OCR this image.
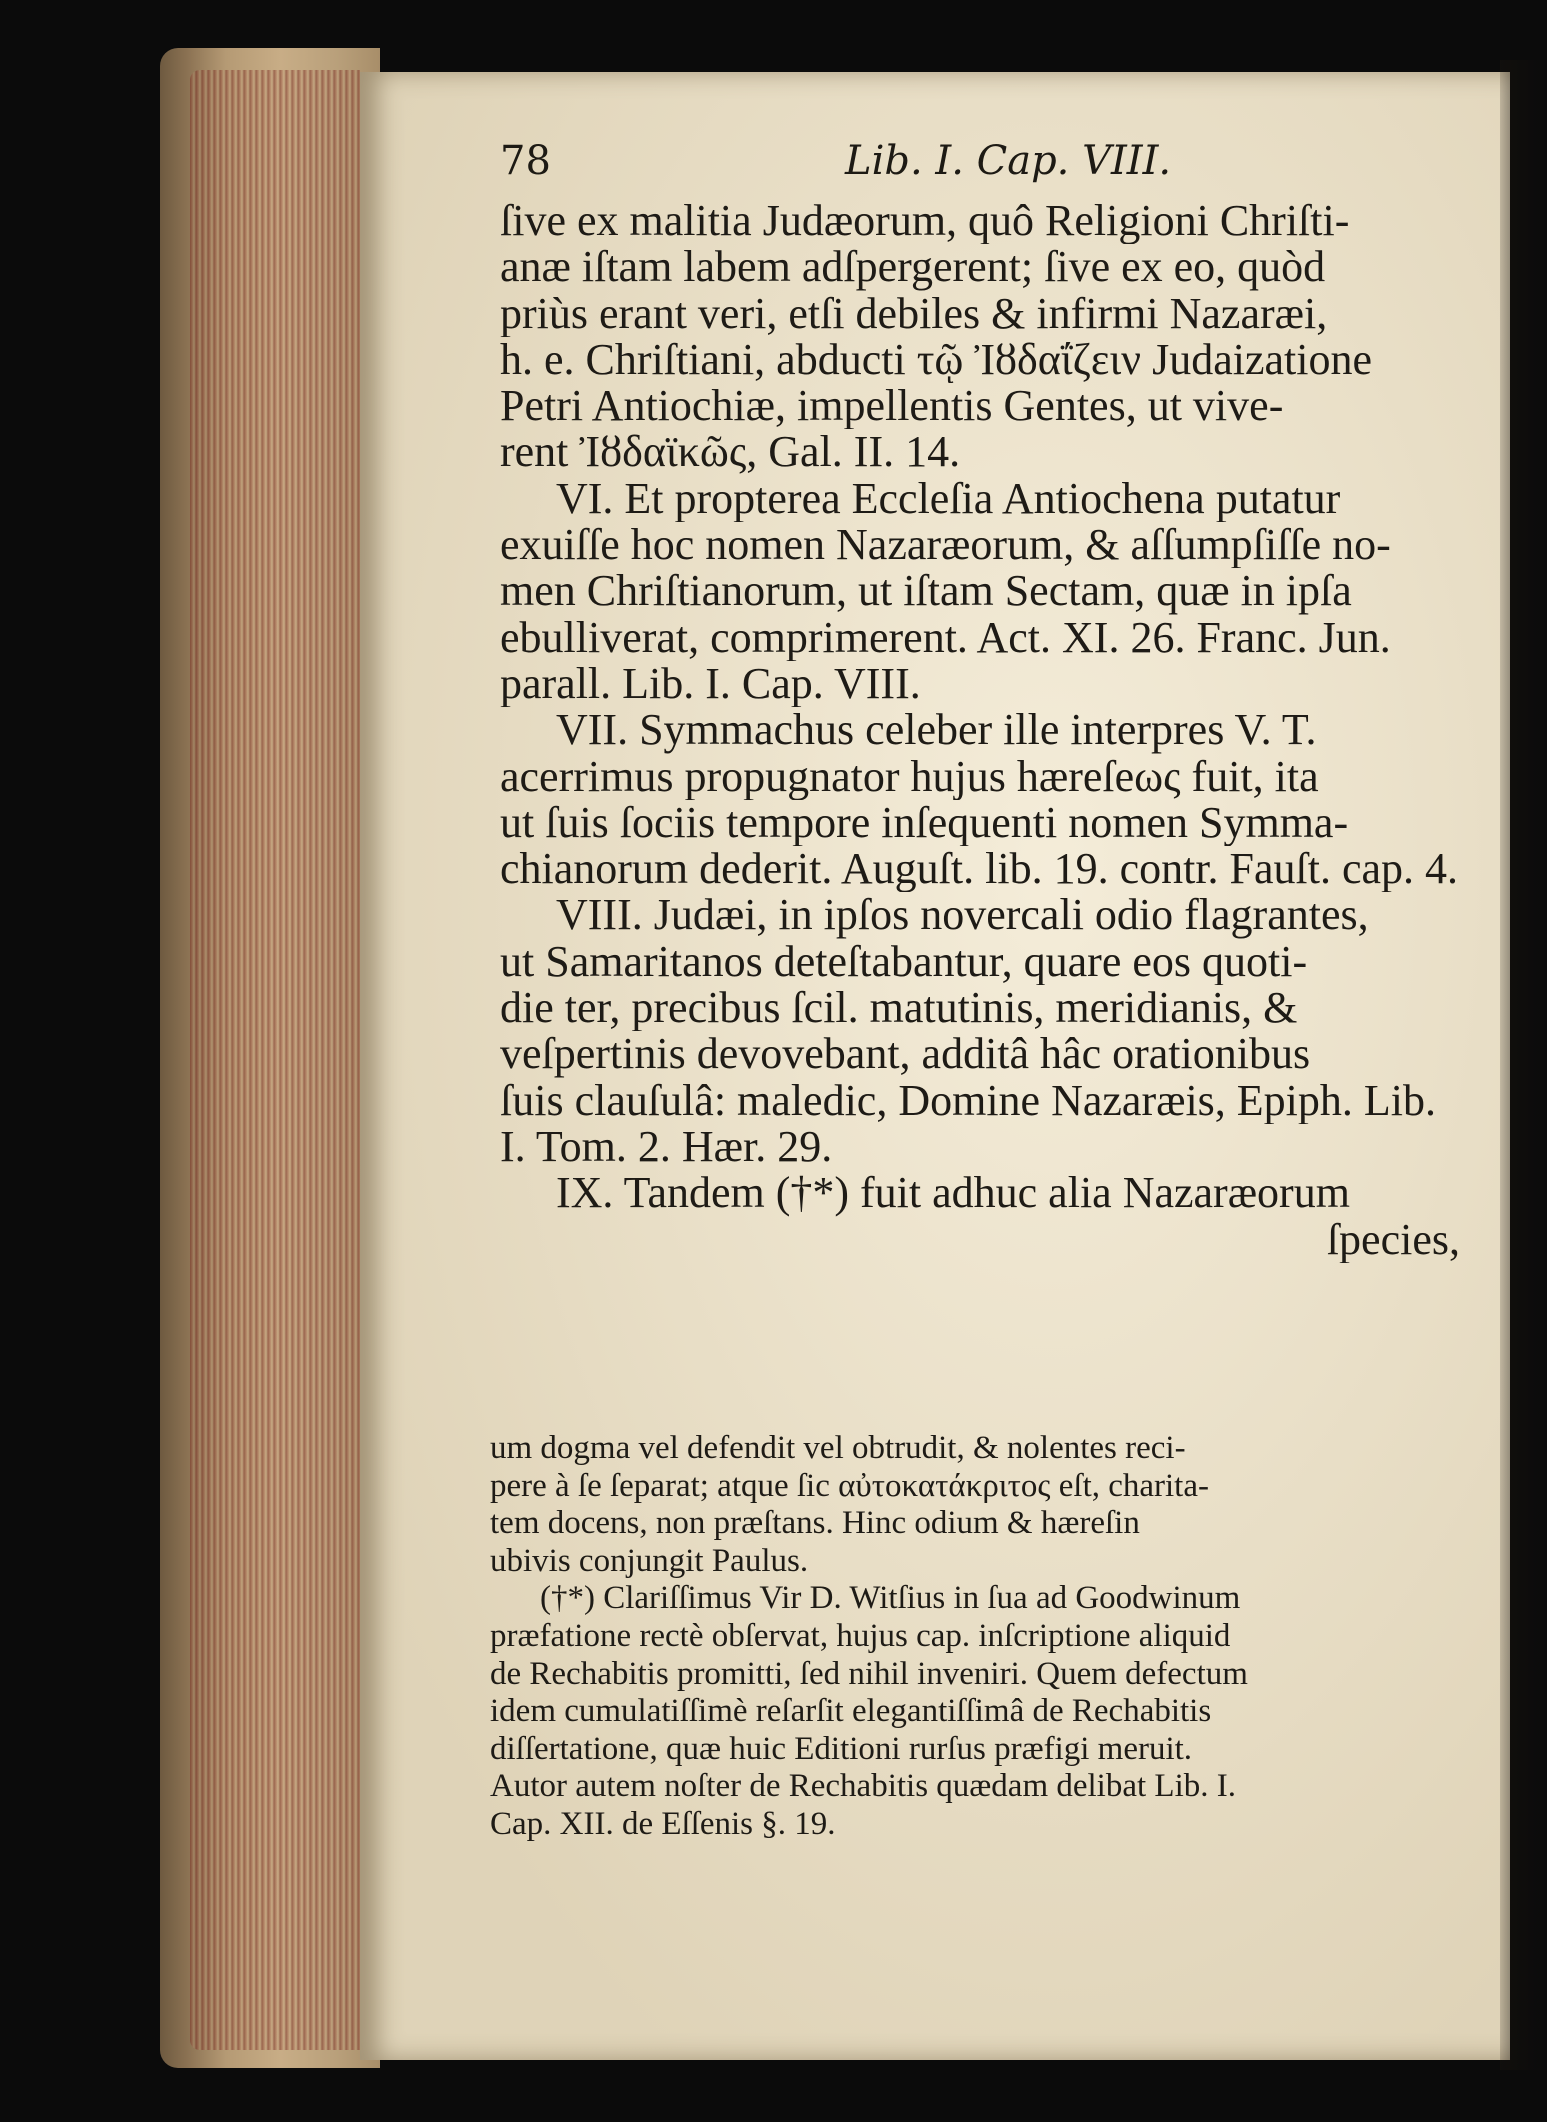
78	Lib. I. Cap. VIII.
ſive ex malitia Judæorum, quô Religioni Chriſti-
anæ iſtam labem adſpergerent; ſive ex eo, quòd
priùs erant veri, etſi debiles & infirmi Nazaræi,
h. e. Chriſtiani, abducti τῷ Ἰȣδαΐζειν Judaizatione
Petri Antiochiæ, impellentis Gentes, ut vive-
rent Ἰȣδαϊκῶς, Gal. II. 14.
VI. Et propterea Eccleſia Antiochena putatur
exuiſſe hoc nomen Nazaræorum, & aſſumpſiſſe no-
men Chriſtianorum, ut iſtam Sectam, quæ in ipſa
ebulliverat, comprimerent. Act. XI. 26. Franc. Jun.
parall. Lib. I. Cap. VIII.
VII. Symmachus celeber ille interpres V. T.
acerrimus propugnator hujus hæreſeως fuit, ita
ut ſuis ſociis tempore inſequenti nomen Symma-
chianorum dederit. Auguſt. lib. 19. contr. Fauſt. cap. 4.
VIII. Judæi, in ipſos novercali odio flagrantes,
ut Samaritanos deteſtabantur, quare eos quoti-
die ter, precibus ſcil. matutinis, meridianis, &
veſpertinis devovebant, additâ hâc orationibus
ſuis clauſulâ: maledic, Domine Nazaræis, Epiph. Lib.
I. Tom. 2. Hær. 29.
IX. Tandem (†*) fuit adhuc alia Nazaræorum
ſpecies,
um dogma vel defendit vel obtrudit, & nolentes reci-
pere à ſe ſeparat; atque ſic αὐτοκατάκριτος eſt, charita-
tem docens, non præſtans. Hinc odium & hæreſin
ubivis conjungit Paulus.
(†*) Clariſſimus Vir D. Witſius in ſua ad Goodwinum
præfatione rectè obſervat, hujus cap. inſcriptione aliquid
de Rechabitis promitti, ſed nihil inveniri. Quem defectum
idem cumulatiſſimè reſarſit elegantiſſimâ de Rechabitis
diſſertatione, quæ huic Editioni rurſus præfigi meruit.
Autor autem noſter de Rechabitis quædam delibat Lib. I.
Cap. XII. de Eſſenis §. 19.
